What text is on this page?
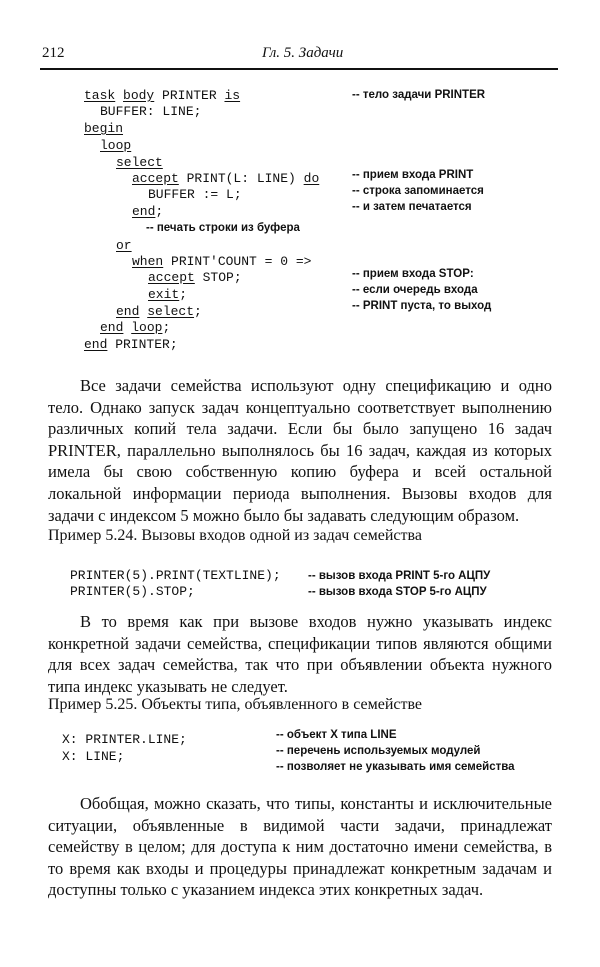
212	Гл. 5. Задачи
task body PRINTER is
BUFFER: LINE;
begin
loop
select
accept PRINT(L: LINE) do
BUFFER := L;
end;
-- печать строки из буфера
or
when PRINT'COUNT = 0 =>
accept STOP;
exit;
end select;
end loop;
end PRINTER;
-- тело задачи PRINTER
-- прием входа PRINT
-- строка запоминается
-- и затем печатается
-- прием входа STOP:
-- если очередь входа
-- PRINT пуста, то выход
Все задачи семейства используют одну спецификацию и одно тело. Однако запуск задач концептуально соответствует выполнению различных копий тела задачи. Если бы было запущено 16 задач PRINTER, параллельно выполнялось бы 16 задач, каждая из которых имела бы свою собственную копию буфера и всей остальной локальной информации периода выполнения. Вызовы входов для задачи с индексом 5 можно было бы задавать следующим образом.
Пример 5.24. Вызовы входов одной из задач семейства
PRINTER(5).PRINT(TEXTLINE);
PRINTER(5).STOP;
-- вызов входа PRINT 5-го АЦПУ
-- вызов входа STOP 5-го АЦПУ
В то время как при вызове входов нужно указывать индекс конкретной задачи семейства, спецификации типов являются общими для всех задач семейства, так что при объявлении объекта нужного типа индекс указывать не следует.
Пример 5.25. Объекты типа, объявленного в семействе
X: PRINTER.LINE;
X: LINE;
-- объект X типа LINE
-- перечень используемых модулей
-- позволяет не указывать имя семейства
Обобщая, можно сказать, что типы, константы и исключительные ситуации, объявленные в видимой части задачи, принадлежат семейству в целом; для доступа к ним достаточно имени семейства, в то время как входы и процедуры принадлежат конкретным задачам и доступны только с указанием индекса этих конкретных задач.
